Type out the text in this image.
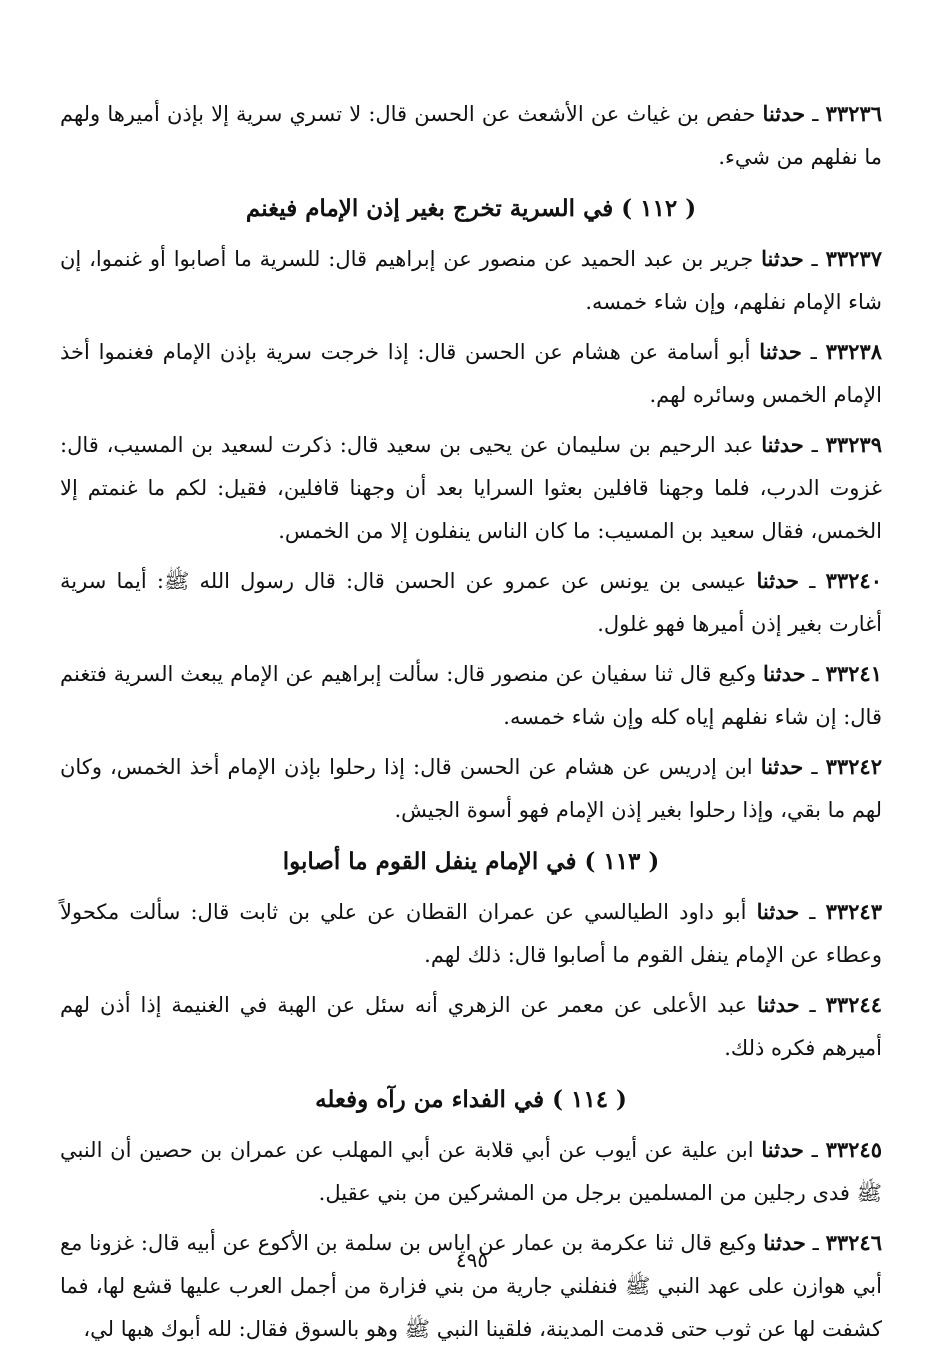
٣٣٢٣٦ ـ حدثنا حفص بن غياث عن الأشعث عن الحسن قال: لا تسري سرية إلا بإذن أميرها ولهم ما نفلهم من شيء.

( ١١٢ ) في السرية تخرج بغير إذن الإمام فيغنم

٣٣٢٣٧ ـ حدثنا جرير بن عبد الحميد عن منصور عن إبراهيم قال: للسرية ما أصابوا أو غنموا، إن شاء الإمام نفلهم، وإن شاء خمسه.

٣٣٢٣٨ ـ حدثنا أبو أسامة عن هشام عن الحسن قال: إذا خرجت سرية بإذن الإمام فغنموا أخذ الإمام الخمس وسائره لهم.

٣٣٢٣٩ ـ حدثنا عبد الرحيم بن سليمان عن يحيى بن سعيد قال: ذكرت لسعيد بن المسيب، قال: غزوت الدرب، فلما وجهنا قافلين بعثوا السرايا بعد أن وجهنا قافلين، فقيل: لكم ما غنمتم إلا الخمس، فقال سعيد بن المسيب: ما كان الناس ينفلون إلا من الخمس.

٣٣٢٤٠ ـ حدثنا عيسى بن يونس عن عمرو عن الحسن قال: قال رسول الله ﷺ: أيما سرية أغارت بغير إذن أميرها فهو غلول.

٣٣٢٤١ ـ حدثنا وكيع قال ثنا سفيان عن منصور قال: سألت إبراهيم عن الإمام يبعث السرية فتغنم قال: إن شاء نفلهم إياه كله وإن شاء خمسه.

٣٣٢٤٢ ـ حدثنا ابن إدريس عن هشام عن الحسن قال: إذا رحلوا بإذن الإمام أخذ الخمس، وكان لهم ما بقي، وإذا رحلوا بغير إذن الإمام فهو أسوة الجيش.

( ١١٣ ) في الإمام ينفل القوم ما أصابوا

٣٣٢٤٣ ـ حدثنا أبو داود الطيالسي عن عمران القطان عن علي بن ثابت قال: سألت مكحولاً وعطاء عن الإمام ينفل القوم ما أصابوا قال: ذلك لهم.

٣٣٢٤٤ ـ حدثنا عبد الأعلى عن معمر عن الزهري أنه سئل عن الهبة في الغنيمة إذا أذن لهم أميرهم فكره ذلك.

( ١١٤ ) في الفداء من رآه وفعله

٣٣٢٤٥ ـ حدثنا ابن علية عن أيوب عن أبي قلابة عن أبي المهلب عن عمران بن حصين أن النبي ﷺ فدى رجلين من المسلمين برجل من المشركين من بني عقيل.

٣٣٢٤٦ ـ حدثنا وكيع قال ثنا عكرمة بن عمار عن اياس بن سلمة بن الأكوع عن أبيه قال: غزونا مع أبي هوازن على عهد النبي ﷺ فنفلني جارية من بني فزارة من أجمل العرب عليها قشع لها، فما كشفت لها عن ثوب حتى قدمت المدينة، فلقينا النبي ﷺ وهو بالسوق فقال: لله أبوك هبها لي،

٤٩٥
